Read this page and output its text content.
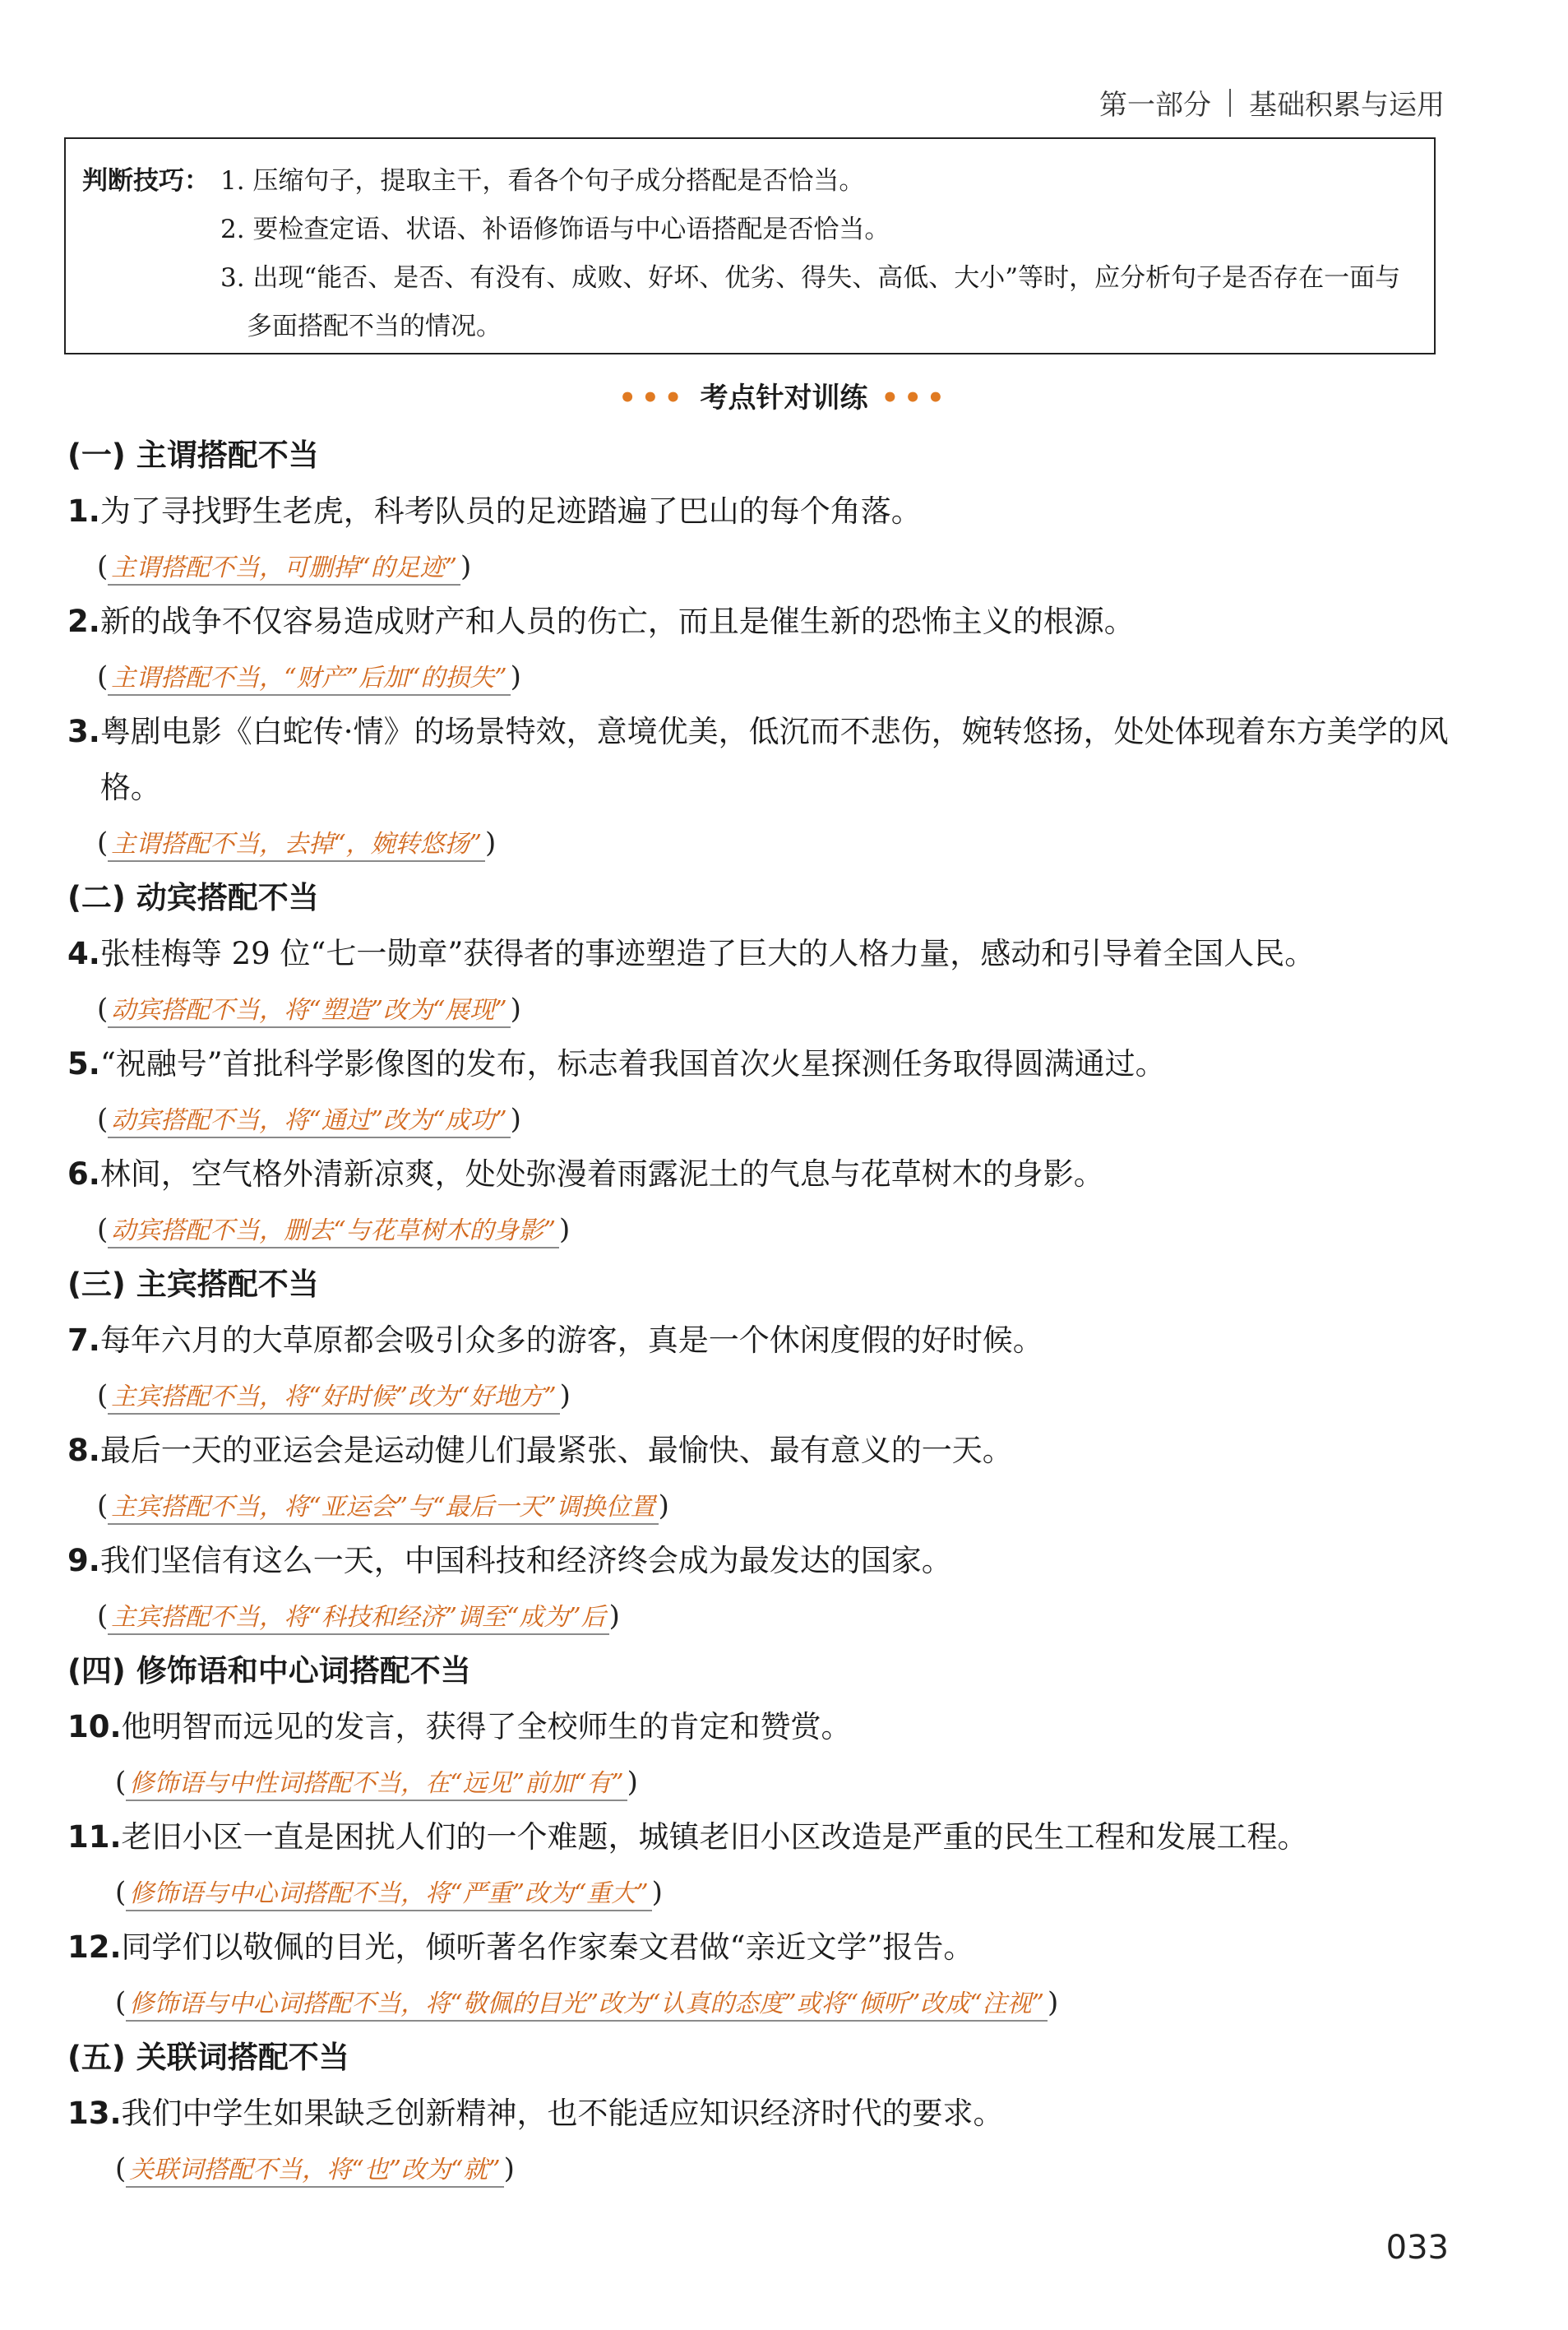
第一部分 基础积累与运用
判断技巧： 1. 压缩句子，提取主干，看各个句子成分搭配是否恰当。
2. 要检查定语、状语、补语修饰语与中心语搭配是否恰当。
3. 出现“能否、是否、有没有、成败、好坏、优劣、得失、高低、大小”等时，应分析句子是否存在一面与
多面搭配不当的情况。
••• 考点针对训练 •••
(一) 主谓搭配不当
1. 为了寻找野生老虎，科考队员的足迹踏遍了巴山的每个角落。
( 主谓搭配不当，可删掉“的足迹” )
2. 新的战争不仅容易造成财产和人员的伤亡，而且是催生新的恐怖主义的根源。
( 主谓搭配不当，“财产”后加“的损失” )
3. 粤剧电影《白蛇传·情》的场景特效，意境优美，低沉而不悲伤，婉转悠扬，处处体现着东方美学的风格。
( 主谓搭配不当，去掉“，婉转悠扬” )
(二) 动宾搭配不当
4. 张桂梅等 29 位“七一勋章”获得者的事迹塑造了巨大的人格力量，感动和引导着全国人民。
( 动宾搭配不当，将“塑造”改为“展现” )
5. “祝融号”首批科学影像图的发布，标志着我国首次火星探测任务取得圆满通过。
( 动宾搭配不当，将“通过”改为“成功” )
6. 林间，空气格外清新凉爽，处处弥漫着雨露泥土的气息与花草树木的身影。
( 动宾搭配不当，删去“与花草树木的身影” )
(三) 主宾搭配不当
7. 每年六月的大草原都会吸引众多的游客，真是一个休闲度假的好时候。
( 主宾搭配不当，将“好时候”改为“好地方” )
8. 最后一天的亚运会是运动健儿们最紧张、最愉快、最有意义的一天。
( 主宾搭配不当，将“亚运会”与“最后一天”调换位置 )
9. 我们坚信有这么一天，中国科技和经济终会成为最发达的国家。
( 主宾搭配不当，将“科技和经济”调至“成为”后 )
(四) 修饰语和中心词搭配不当
10. 他明智而远见的发言，获得了全校师生的肯定和赞赏。
( 修饰语与中性词搭配不当，在“远见”前加“有” )
11. 老旧小区一直是困扰人们的一个难题，城镇老旧小区改造是严重的民生工程和发展工程。
( 修饰语与中心词搭配不当，将“严重”改为“重大” )
12. 同学们以敬佩的目光，倾听著名作家秦文君做“亲近文学”报告。
( 修饰语与中心词搭配不当，将“敬佩的目光”改为“认真的态度”或将“倾听”改成“注视” )
(五) 关联词搭配不当
13. 我们中学生如果缺乏创新精神，也不能适应知识经济时代的要求。
( 关联词搭配不当，将“也”改为“就” )
033
